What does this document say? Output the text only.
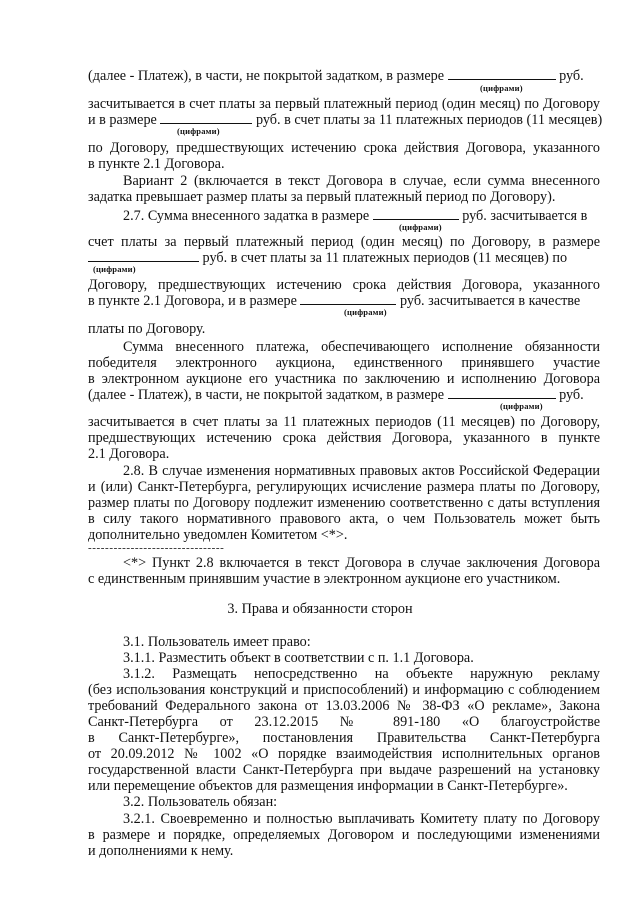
(далее - Платеж), в части, не покрытой задатком, в размере	руб.
(цифрами)
засчитывается в счет платы за первый платежный период (один месяц) по Договору
и в размере	руб. в счет платы за 11 платежных периодов (11 месяцев)
(цифрами)
по Договору, предшествующих истечению срока действия Договора, указанного
в пункте 2.1 Договора.
Вариант 2 (включается в текст Договора в случае, если сумма внесенного
задатка превышает размер платы за первый платежный период по Договору).
2.7. Сумма внесенного задатка в размере	руб. засчитывается в
(цифрами)
счет платы за первый платежный период (один месяц) по Договору, в размере
руб. в счет платы за 11 платежных периодов (11 месяцев) по
(цифрами)
Договору, предшествующих истечению срока действия Договора, указанного
в пункте 2.1 Договора, и в размере	руб. засчитывается в качестве
(цифрами)
платы по Договору.
Сумма внесенного платежа, обеспечивающего исполнение обязанности
победителя электронного аукциона, единственного принявшего участие
в электронном аукционе его участника по заключению и исполнению Договора
(далее - Платеж), в части, не покрытой задатком, в размере	руб.
(цифрами)
засчитывается в счет платы за 11 платежных периодов (11 месяцев) по Договору,
предшествующих истечению срока действия Договора, указанного в пункте
2.1 Договора.
2.8. В случае изменения нормативных правовых актов Российской Федерации
и (или) Санкт-Петербурга, регулирующих исчисление размера платы по Договору,
размер платы по Договору подлежит изменению соответственно с даты вступления
в силу такого нормативного правового акта, о чем Пользователь может быть
дополнительно уведомлен Комитетом <*>.
--------------------------------
<*> Пункт 2.8 включается в текст Договора в случае заключения Договора
с единственным принявшим участие в электронном аукционе его участником.
3. Права и обязанности сторон
3.1. Пользователь имеет право:
3.1.1. Разместить объект в соответствии с п. 1.1 Договора.
3.1.2. Размещать непосредственно на объекте наружную рекламу
(без использования конструкций и приспособлений) и информацию с соблюдением
требований Федерального закона от 13.03.2006 № 38-ФЗ «О рекламе», Закона
Санкт-Петербурга от 23.12.2015 № 891-180 «О благоустройстве
в Санкт-Петербурге», постановления Правительства Санкт-Петербурга
от 20.09.2012 № 1002 «О порядке взаимодействия исполнительных органов
государственной власти Санкт-Петербурга при выдаче разрешений на установку
или перемещение объектов для размещения информации в Санкт-Петербурге».
3.2. Пользователь обязан:
3.2.1. Своевременно и полностью выплачивать Комитету плату по Договору
в размере и порядке, определяемых Договором и последующими изменениями
и дополнениями к нему.
